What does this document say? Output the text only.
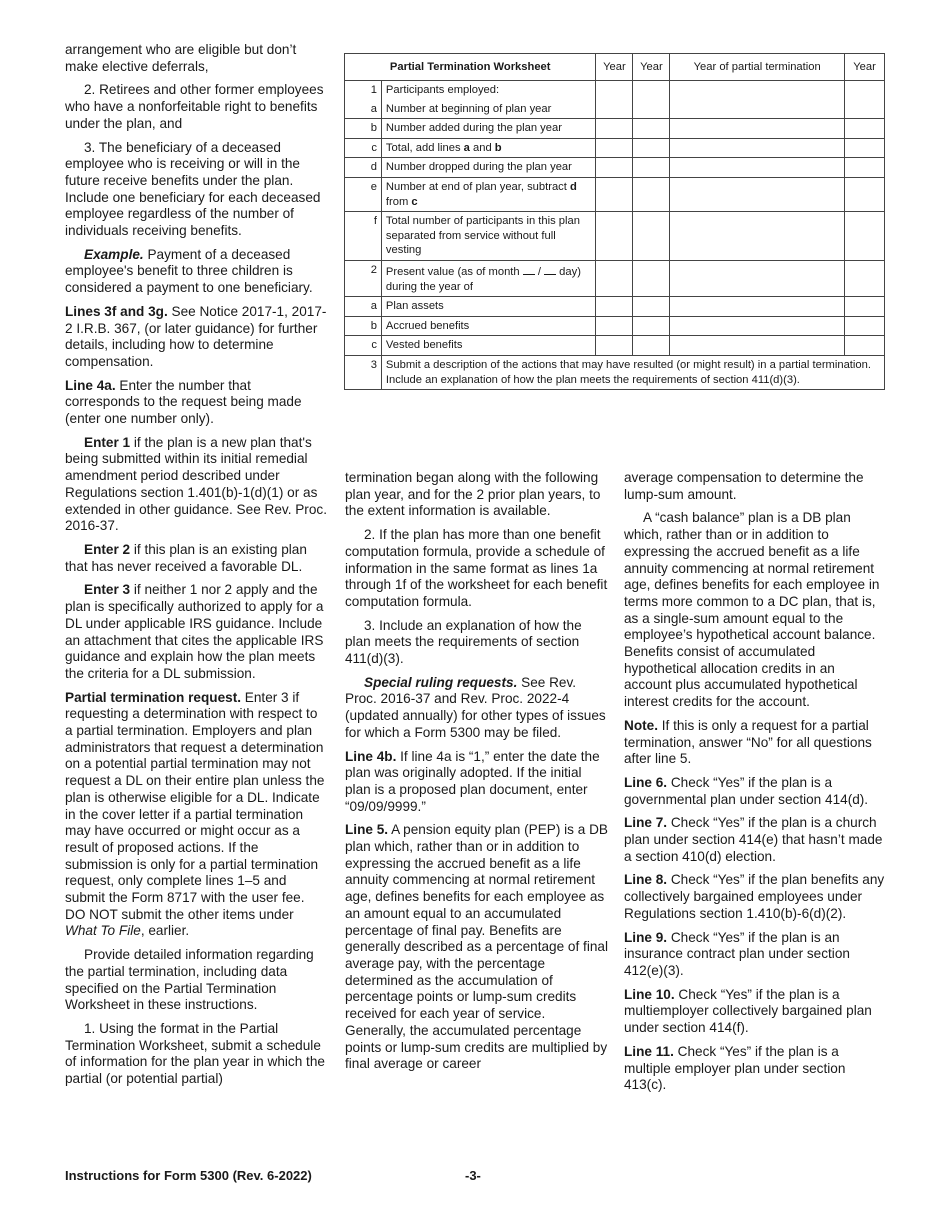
arrangement who are eligible but don’t make elective deferrals,

2. Retirees and other former employees who have a nonforfeitable right to benefits under the plan, and

3. The beneficiary of a deceased employee who is receiving or will in the future receive benefits under the plan. Include one beneficiary for each deceased employee regardless of the number of individuals receiving benefits.

Example. Payment of a deceased employee's benefit to three children is considered a payment to one beneficiary.

Lines 3f and 3g. See Notice 2017-1, 2017-2 I.R.B. 367, (or later guidance) for further details, including how to determine compensation.

Line 4a. Enter the number that corresponds to the request being made (enter one number only).

Enter 1 if the plan is a new plan that's being submitted within its initial remedial amendment period described under Regulations section 1.401(b)-1(d)(1) or as extended in other guidance. See Rev. Proc. 2016-37.

Enter 2 if this plan is an existing plan that has never received a favorable DL.

Enter 3 if neither 1 nor 2 apply and the plan is specifically authorized to apply for a DL under applicable IRS guidance. Include an attachment that cites the applicable IRS guidance and explain how the plan meets the criteria for a DL submission.

Partial termination request. Enter 3 if requesting a determination with respect to a partial termination. Employers and plan administrators that request a determination on a potential partial termination may not request a DL on their entire plan unless the plan is otherwise eligible for a DL. Indicate in the cover letter if a partial termination may have occurred or might occur as a result of proposed actions. If the submission is only for a partial termination request, only complete lines 1–5 and submit the Form 8717 with the user fee. DO NOT submit the other items under What To File, earlier.

Provide detailed information regarding the partial termination, including data specified on the Partial Termination Worksheet in these instructions.

1. Using the format in the Partial Termination Worksheet, submit a schedule of information for the plan year in which the partial (or potential partial)

Partial Termination Worksheet		Year	Year	Year of partial termination	Year
1	Participants employed:				
a	Number at beginning of plan year				
b	Number added during the plan year				
c	Total, add lines a and b				
d	Number dropped during the plan year				
e	Number at end of plan year, subtract d from c				
f	Total number of participants in this plan separated from service without full vesting				
2	Present value (as of month  /  day)
during the year of				
a	Plan assets				
b	Accrued benefits				
c	Vested benefits				
3	Submit a description of the actions that may have resulted (or might result) in a partial termination. Include an explanation of how the plan meets the requirements of section 411(d)(3).				

termination began along with the following plan year, and for the 2 prior plan years, to the extent information is available.

2. If the plan has more than one benefit computation formula, provide a schedule of information in the same format as lines 1a through 1f of the worksheet for each benefit computation formula.

3. Include an explanation of how the plan meets the requirements of section 411(d)(3).

Special ruling requests. See Rev. Proc. 2016-37 and Rev. Proc. 2022-4 (updated annually) for other types of issues for which a Form 5300 may be filed.

Line 4b. If line 4a is “1,” enter the date the plan was originally adopted. If the initial plan is a proposed plan document, enter “09/09/9999.”

Line 5. A pension equity plan (PEP) is a DB plan which, rather than or in addition to expressing the accrued benefit as a life annuity commencing at normal retirement age, defines benefits for each employee as an amount equal to an accumulated percentage of final pay. Benefits are generally described as a percentage of final average pay, with the percentage determined as the accumulation of percentage points or lump-sum credits received for each year of service. Generally, the accumulated percentage points or lump-sum credits are multiplied by final average or career

average compensation to determine the lump-sum amount.

A “cash balance” plan is a DB plan which, rather than or in addition to expressing the accrued benefit as a life annuity commencing at normal retirement age, defines benefits for each employee in terms more common to a DC plan, that is, as a single-sum amount equal to the employee’s hypothetical account balance. Benefits consist of accumulated hypothetical allocation credits in an account plus accumulated hypothetical interest credits for the account.

Note. If this is only a request for a partial termination, answer “No” for all questions after line 5.

Line 6. Check “Yes” if the plan is a governmental plan under section 414(d).

Line 7. Check “Yes” if the plan is a church plan under section 414(e) that hasn’t made a section 410(d) election.

Line 8. Check “Yes” if the plan benefits any collectively bargained employees under Regulations section 1.410(b)-6(d)(2).

Line 9. Check “Yes” if the plan is an insurance contract plan under section 412(e)(3).

Line 10. Check “Yes” if the plan is a multiemployer collectively bargained plan under section 414(f).

Line 11. Check “Yes” if the plan is a multiple employer plan under section 413(c).

Instructions for Form 5300 (Rev. 6-2022)	-3-
